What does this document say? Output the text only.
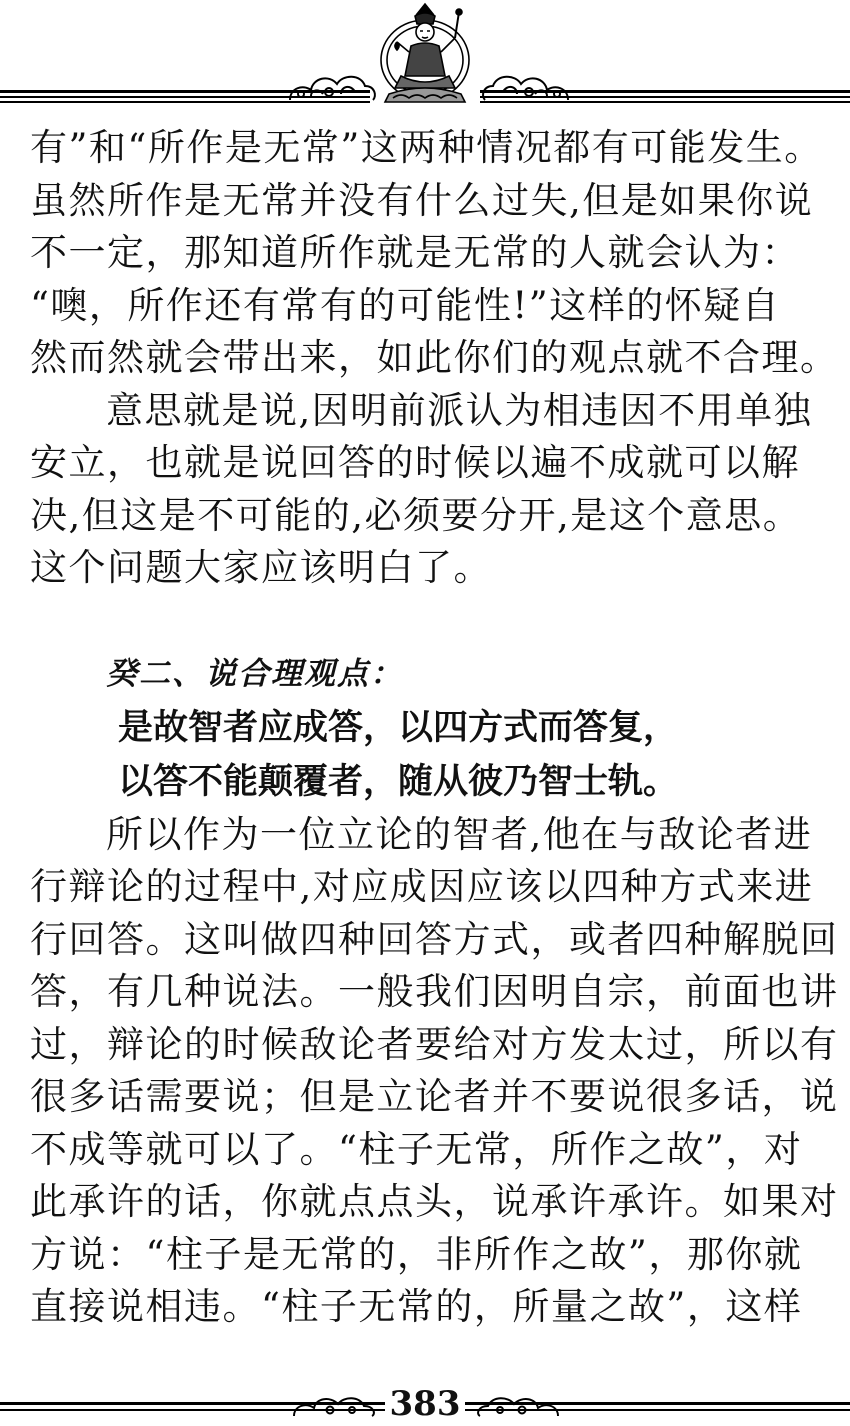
有”和“所作是无常”这两种情况都有可能发生。
虽然所作是无常并没有什么过失,但是如果你说
不一定，那知道所作就是无常的人就会认为：
“噢，所作还有常有的可能性!”这样的怀疑自
然而然就会带出来，如此你们的观点就不合理。
意思就是说,因明前派认为相违因不用单独
安立，也就是说回答的时候以遍不成就可以解
决,但这是不可能的,必须要分开,是这个意思。
这个问题大家应该明白了。
癸二、说合理观点：
是故智者应成答，以四方式而答复，
以答不能颠覆者，随从彼乃智士轨。
所以作为一位立论的智者,他在与敌论者进
行辩论的过程中,对应成因应该以四种方式来进
行回答。这叫做四种回答方式，或者四种解脱回
答，有几种说法。一般我们因明自宗，前面也讲
过，辩论的时候敌论者要给对方发太过，所以有
很多话需要说；但是立论者并不要说很多话，说
不成等就可以了。“柱子无常，所作之故”，对
此承许的话，你就点点头，说承许承许。如果对
方说：“柱子是无常的，非所作之故”，那你就
直接说相违。“柱子无常的，所量之故”，这样
383
